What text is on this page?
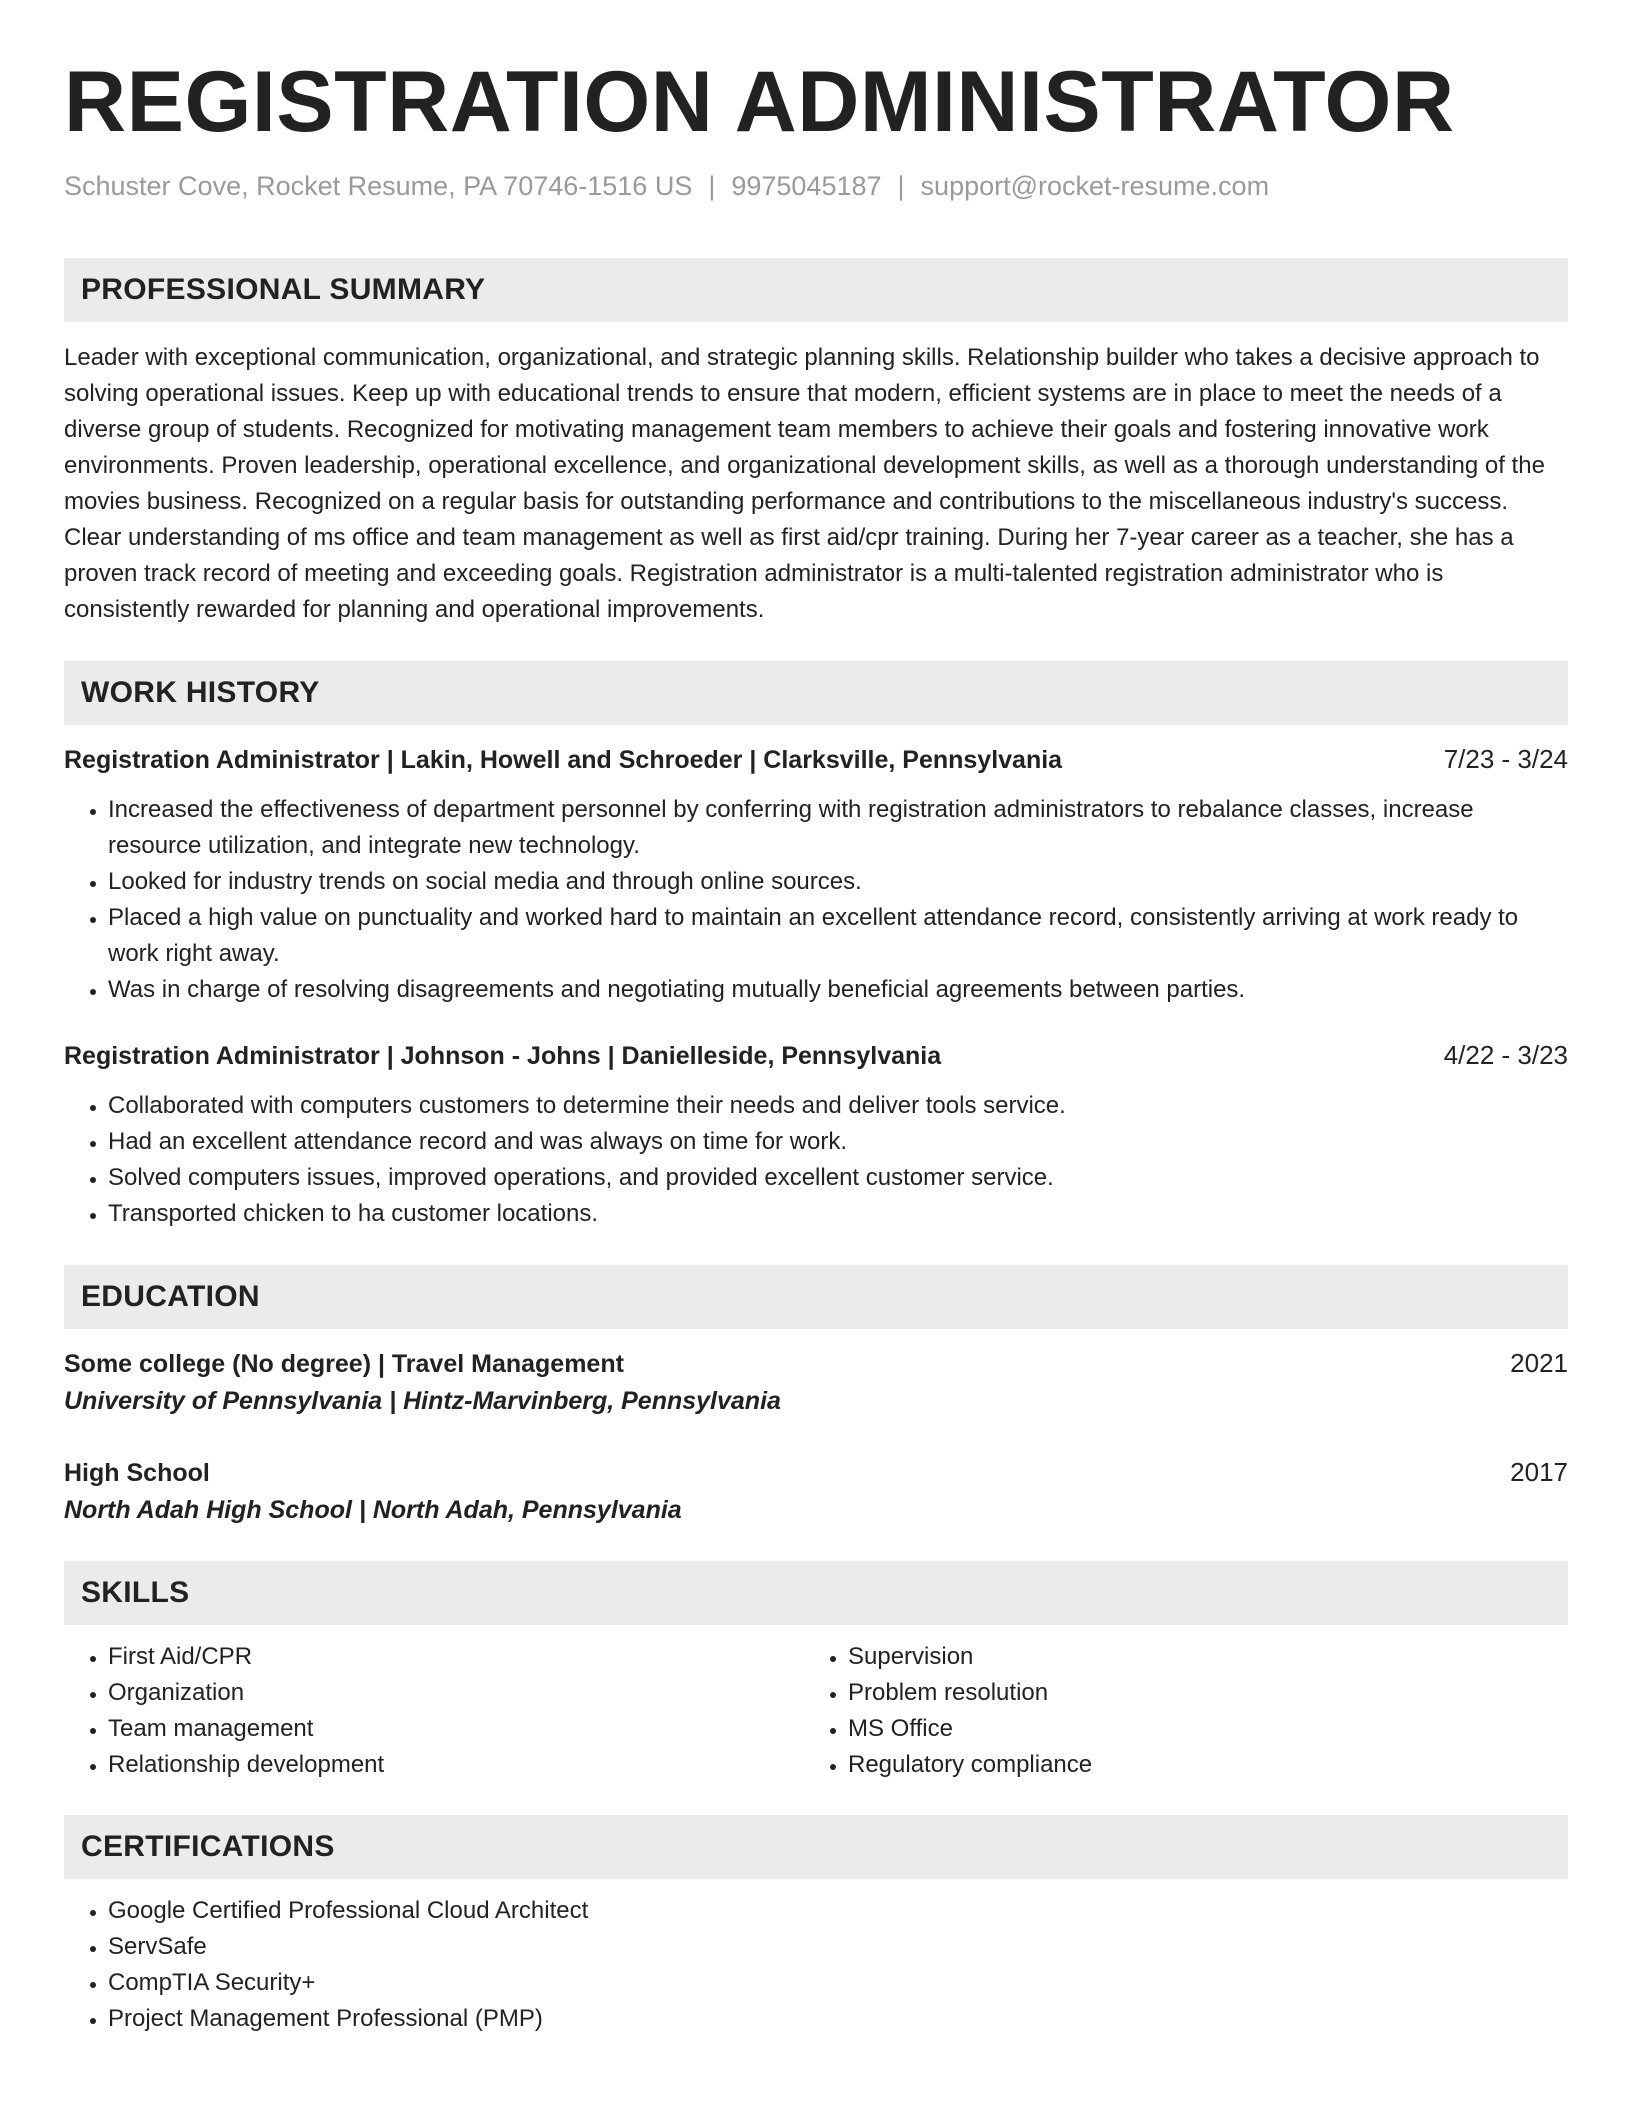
REGISTRATION ADMINISTRATOR
Schuster Cove, Rocket Resume, PA 70746-1516 US | 9975045187 | support@rocket-resume.com
PROFESSIONAL SUMMARY
Leader with exceptional communication, organizational, and strategic planning skills. Relationship builder who takes a decisive approach to solving operational issues. Keep up with educational trends to ensure that modern, efficient systems are in place to meet the needs of a diverse group of students. Recognized for motivating management team members to achieve their goals and fostering innovative work environments. Proven leadership, operational excellence, and organizational development skills, as well as a thorough understanding of the movies business. Recognized on a regular basis for outstanding performance and contributions to the miscellaneous industry's success. Clear understanding of ms office and team management as well as first aid/cpr training. During her 7-year career as a teacher, she has a proven track record of meeting and exceeding goals. Registration administrator is a multi-talented registration administrator who is consistently rewarded for planning and operational improvements.
WORK HISTORY
Registration Administrator | Lakin, Howell and Schroeder | Clarksville, Pennsylvania	7/23 - 3/24
• Increased the effectiveness of department personnel by conferring with registration administrators to rebalance classes, increase resource utilization, and integrate new technology.
• Looked for industry trends on social media and through online sources.
• Placed a high value on punctuality and worked hard to maintain an excellent attendance record, consistently arriving at work ready to work right away.
• Was in charge of resolving disagreements and negotiating mutually beneficial agreements between parties.
Registration Administrator | Johnson - Johns | Danielleside, Pennsylvania	4/22 - 3/23
• Collaborated with computers customers to determine their needs and deliver tools service.
• Had an excellent attendance record and was always on time for work.
• Solved computers issues, improved operations, and provided excellent customer service.
• Transported chicken to ha customer locations.
EDUCATION
Some college (No degree) | Travel Management	2021
University of Pennsylvania | Hintz-Marvinberg, Pennsylvania
High School	2017
North Adah High School | North Adah, Pennsylvania
SKILLS
• First Aid/CPR
• Organization
• Team management
• Relationship development
• Supervision
• Problem resolution
• MS Office
• Regulatory compliance
CERTIFICATIONS
• Google Certified Professional Cloud Architect
• ServSafe
• CompTIA Security+
• Project Management Professional (PMP)
